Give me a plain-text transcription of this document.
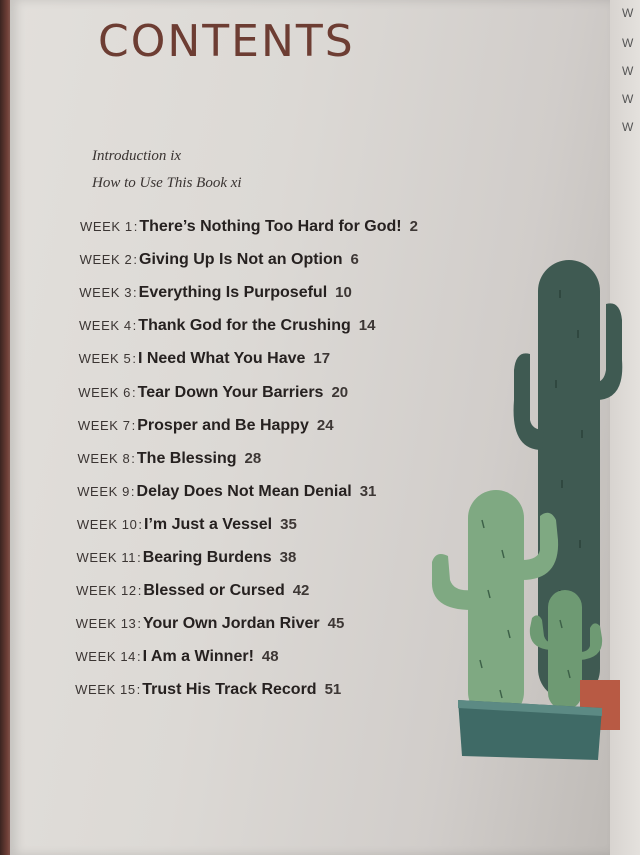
W
W
W
W
W
CONTENTS
Introduction ix
How to Use This Book xi
WEEK 1: There’s Nothing Too Hard for God! 2
WEEK 2: Giving Up Is Not an Option 6
WEEK 3: Everything Is Purposeful 10
WEEK 4: Thank God for the Crushing 14
WEEK 5: I Need What You Have 17
WEEK 6: Tear Down Your Barriers 20
WEEK 7: Prosper and Be Happy 24
WEEK 8: The Blessing 28
WEEK 9: Delay Does Not Mean Denial 31
WEEK 10: I’m Just a Vessel 35
WEEK 11: Bearing Burdens 38
WEEK 12: Blessed or Cursed 42
WEEK 13: Your Own Jordan River 45
WEEK 14: I Am a Winner! 48
WEEK 15: Trust His Track Record 51
